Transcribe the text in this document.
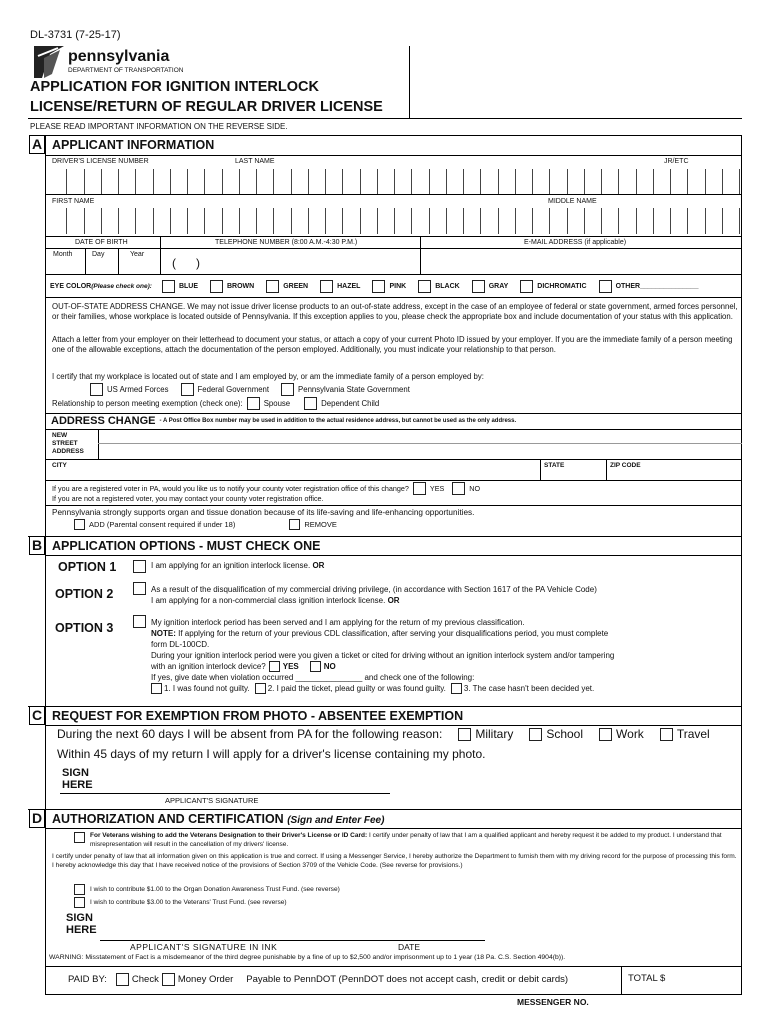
DL-3731 (7-25-17)
pennsylvania
DEPARTMENT OF TRANSPORTATION
APPLICATION FOR IGNITION INTERLOCK
LICENSE/RETURN OF REGULAR DRIVER LICENSE
PLEASE READ IMPORTANT INFORMATION ON THE REVERSE SIDE.
A APPLICANT INFORMATION
DRIVER'S LICENSE NUMBER	LAST NAME	JR/ETC
FIRST NAME	MIDDLE NAME
DATE OF BIRTH	TELEPHONE NUMBER (8:00 A.M.-4:30 P.M.)	E-MAIL ADDRESS (if applicable)
Month	Day	Year
(      )
EYE COLOR(Please check one):	BLUE	BROWN	GREEN	HAZEL	PINK	BLACK	GRAY	DICHROMATIC	OTHER_______________
OUT-OF-STATE ADDRESS CHANGE. We may not issue driver license products to an out-of-state address, except in the case of an employee of federal or state government, armed forces personnel, or their families, whose workplace is located outside of Pennsylvania. If this exception applies to you, please check the appropriate box and include documentation of your status with this application.
Attach a letter from your employer on their letterhead to document your status, or attach a copy of your current Photo ID issued by your employer. If you are the immediate family of a person meeting one of the allowable exceptions, attach the documentation of the person employed. Additionally, you must indicate your relationship to that person.
I certify that my workplace is located out of state and I am employed by, or am the immediate family of a person employed by:
US Armed Forces	Federal Government	Pennsylvania State Government
Relationship to person meeting exemption (check one):	Spouse	Dependent Child
ADDRESS CHANGE - A Post Office Box number may be used in addition to the actual residence address, but cannot be used as the only address.
NEW STREET ADDRESS
CITY	STATE	ZIP CODE
If you are a registered voter in PA, would you like us to notify your county voter registration office of this change?	YES	NO
If you are not a registered voter, you may contact your county voter registration office.
Pennsylvania strongly supports organ and tissue donation because of its life-saving and life-enhancing opportunities.
ADD (Parental consent required if under 18)	REMOVE
B APPLICATION OPTIONS - MUST CHECK ONE
OPTION 1	I am applying for an ignition interlock license. OR
OPTION 2	As a result of the disqualification of my commercial driving privilege, (in accordance with Section 1617 of the PA Vehicle Code)
I am applying for a non-commercial class ignition interlock license. OR
OPTION 3	My ignition interlock period has been served and I am applying for the return of my previous classification.
NOTE: If applying for the return of your previous CDL classification, after serving your disqualifications period, you must complete
form DL-100CD.
During your ignition interlock period were you given a ticket or cited for driving without an ignition interlock system and/or tampering
with an ignition interlock device? YES	NO
If yes, give date when violation occurred _______________ and check one of the following:
1. I was found not guilty. 2. I paid the ticket, plead guilty or was found guilty. 3. The case hasn't been decided yet.
C REQUEST FOR EXEMPTION FROM PHOTO - ABSENTEE EXEMPTION
During the next 60 days I will be absent from PA for the following reason:	Military	School	Work	Travel
Within 45 days of my return I will apply for a driver's license containing my photo.
SIGN
HERE
APPLICANT'S SIGNATURE
D AUTHORIZATION AND CERTIFICATION (Sign and Enter Fee)
For Veterans wishing to add the Veterans Designation to their Driver's License or ID Card: I certify under penalty of law that I am a qualified applicant and hereby request it be added to my product. I understand that misrepresentation will result in the cancellation of my drivers' license.
I certify under penalty of law that all information given on this application is true and correct. If using a Messenger Service, I hereby authorize the Department to furnish them with my driving record for the purpose of processing this form. I hereby acknowledge this day that I have received notice of the provisions of Section 3709 of the Vehicle Code. (See reverse for provisions.)
I wish to contribute $1.00 to the Organ Donation Awareness Trust Fund. (see reverse)
I wish to contribute $3.00 to the Veterans' Trust Fund. (see reverse)
SIGN
HERE
APPLICANT'S SIGNATURE IN INK	DATE
WARNING: Misstatement of Fact is a misdemeanor of the third degree punishable by a fine of up to $2,500 and/or imprisonment up to 1 year (18 Pa. C.S. Section 4904(b)).
PAID BY:	Check Money Order Payable to PennDOT (PennDOT does not accept cash, credit or debit cards)	TOTAL $
MESSENGER NO.
